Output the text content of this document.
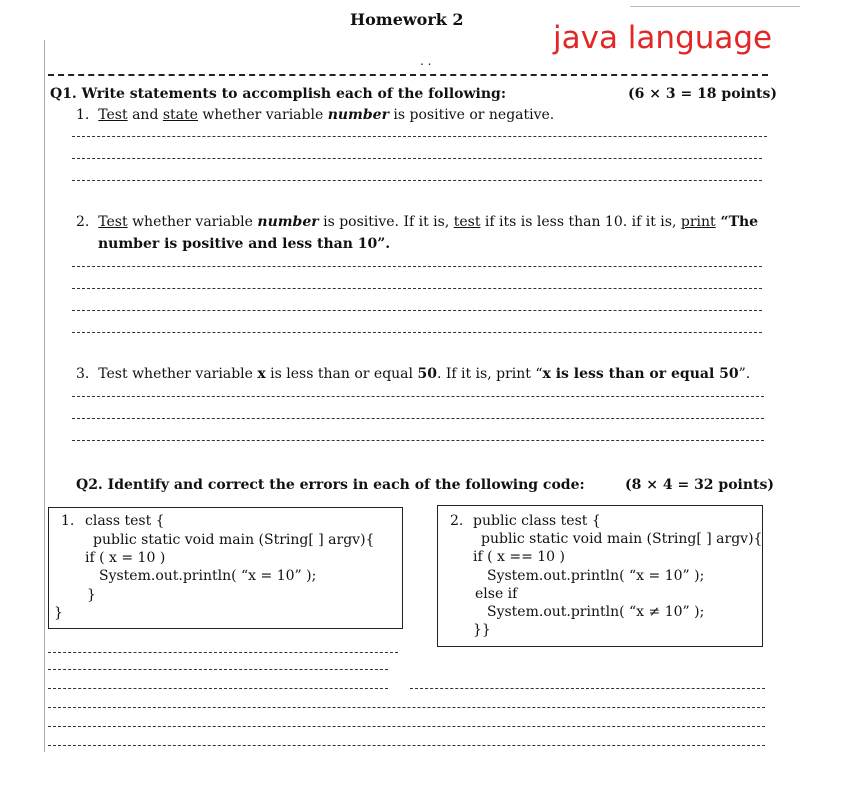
Homework 2
java language
. .
Q1. Write statements to accomplish each of the following:	(6 × 3 = 18 points)
1. Test and state whether variable number is positive or negative.
2. Test whether variable number is positive. If it is, test if its is less than 10. if it is, print “The
number is positive and less than 10”.
3. Test whether variable x is less than or equal 50. If it is, print “x is less than or equal 50”.
Q2. Identify and correct the errors in each of the following code:	(8 × 4 = 32 points)
1. class test {
public static void main (String[ ] argv){
if ( x = 10 )
System.out.println( “x = 10” );
}
}
2. public class test {
public static void main (String[ ] argv){
if ( x == 10 )
System.out.println( “x = 10” );
else if
System.out.println( “x ≠ 10” );
}}
